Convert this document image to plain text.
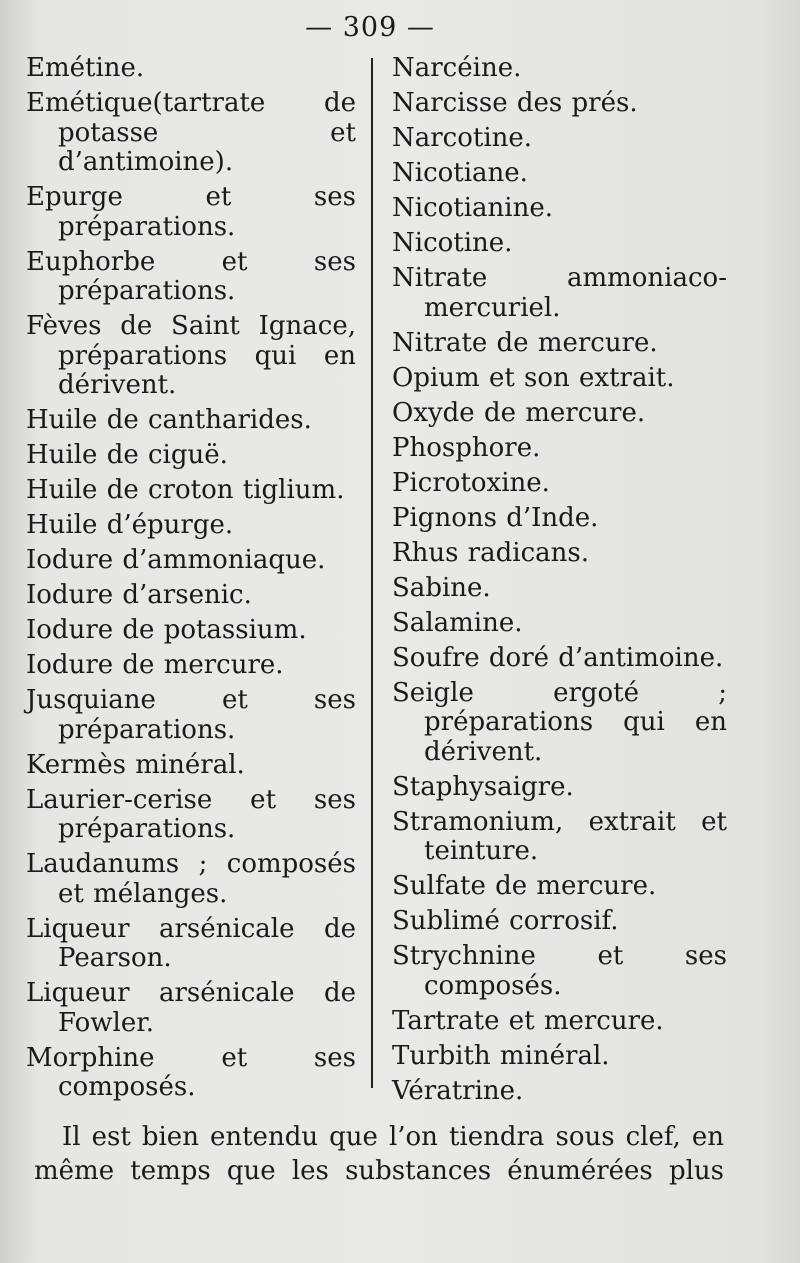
— 309 —

Emétine.

Emétique(tartrate de potasse et d’antimoine).

Epurge et ses préparations.

Euphorbe et ses préparations.

Fèves de Saint Ignace, préparations qui en dérivent.

Huile de cantharides.

Huile de ciguë.

Huile de croton tiglium.

Huile d’épurge.

Iodure d’ammoniaque.

Iodure d’arsenic.

Iodure de potassium.

Iodure de mercure.

Jusquiane et ses préparations.

Kermès minéral.

Laurier-cerise et ses préparations.

Laudanums ; composés et mélanges.

Liqueur arsénicale de Pearson.

Liqueur arsénicale de Fowler.

Morphine et ses composés.

Narcéine.

Narcisse des prés.

Narcotine.

Nicotiane.

Nicotianine.

Nicotine.

Nitrate ammoniaco-mercuriel.

Nitrate de mercure.

Opium et son extrait.

Oxyde de mercure.

Phosphore.

Picrotoxine.

Pignons d’Inde.

Rhus radicans.

Sabine.

Salamine.

Soufre doré d’antimoine.

Seigle ergoté ; préparations qui en dérivent.

Staphysaigre.

Stramonium, extrait et teinture.

Sulfate de mercure.

Sublimé corrosif.

Strychnine et ses composés.

Tartrate et mercure.

Turbith minéral.

Vératrine.

Il est bien entendu que l’on tiendra sous clef, en même temps que les substances énumérées plus
